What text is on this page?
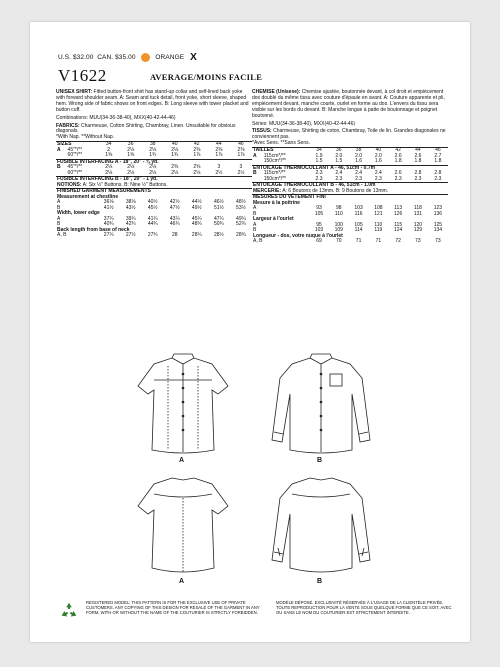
U.S. $32.00 CAN. $35.00	ORANGE X
V1622	AVERAGE/MOINS FACILE

UNISEX SHIRT: Fitted button-front shirt has stand-up collar and self-lined back yoke with forward shoulder seam. A: Seam and tuck detail, front yoke, short sleeve, shaped hem. Wrong side of fabric shows on front edges. B: Long sleeve with tower placket and button cuff.

Combinations: MUU(34-36-38-40), MXX(40-42-44-46)

FABRICS: Charmeuse, Cotton Shirting, Chambray, Linen. Unsuitable for obvious diagonals.

*With Nap. **Without Nap.
SIZES		34	36	38	40	42	44	46
A	45"*/**	2	2⅛	2⅛	2⅛	2⅜	2⅜	2⅜
	60"*/**	1⅝	1⅝	1¾	1¾	1⅞	1⅞	1⅞
FUSIBLE INTERFACING A - 18", 20" - ⅜ yd.								
B	45"*/**	2⅛	2⅛	2⅛	2⅜	2⅝	3	3
	60"*/**	2⅛	2⅛	2⅛	2⅛	2⅛	2½	2½
FUSIBLE INTERFACING B - 18", 20" - 1 yd.								
NOTIONS: A: Six ½" Buttons. B: Nine ½" Buttons.								
FINISHED GARMENT MEASUREMENTS								
Measurement at chestline								
A		36⅛	38⅛	40½	42½	44½	46½	48½
B		41½	43½	45½	47½	49½	51½	53½
Width, lower edge								
A		37¼	39¼	41¼	43¼	45¼	47¼	49¼
B		40¾	42¾	44¾	46¾	48¾	50¾	52¾
Back length from base of neck								
A, B		27¼	27½	27¾	28	28¼	28½	28¾

CHEMISE (Unisexe): Chemise ajustée, boutonnée devant, à col droit et empiècement dos doublé du même tissu avec couture d'épaule en avant. A: Couture apparente et pli, empiècement devant, manche courte, ourlet en forme au dos. L'envers du tissu sera visible sur les bords du devant. B: Manche longue à patte de boutonnage et poignet boutonné.

Séries: MUU(34-36-38-40), MXX(40-42-44-46)

TISSUS: Charmeuse, Shirting de coton, Chambray, Toile de lin. Grandes diagonales ne conviennent pas.

*Avec Sens. **Sans Sens.
TAILLES		34	36	38	40	42	44	46
A	115cm*/**	1.9	2.0	2.0	2.0	2.6	2.6	2.7
	150cm*/**	1.5	1.5	1.6	1.6	1.8	1.8	1.8
ENTOILAGE THERMOCOLLANT A - 46, 51cm - 0.7m								
B	115cm*/**	2.3	2.4	2.4	2.4	2.6	2.8	2.8
	150cm*/**	2.3	2.3	2.3	2.3	2.3	2.3	2.3
ENTOILAGE THERMOCOLLANT B - 46, 51cm - 1.0m								
MERCERIE: A: 6 Boutons de 13mm. B: 9 Boutons de 13mm.								
MESURES DU VÊTEMENT FINI								
Mesure à la poitrine								
A		93	98	103	108	113	118	123
B		105	110	116	121	126	131	136
Largeur à l'ourlet								
A		95	100	105	110	115	120	125
B		103	109	114	119	124	129	134
Longueur - dos, votre nuque à l'ourlet								
A, B		69	70	71	71	72	73	73
A	B
A	B
REGISTERED MODEL: THIS PATTERN IS FOR THE EXCLUSIVE USE OF PRIVATE CUSTOMERS. ANY COPYING OF THIS DESIGN FOR RESALE OF THE GARMENT IN ANY FORM, WITH OR WITHOUT THE NAME OF THE COUTURIER IS STRICTLY FORBIDDEN.
MODÈLE DÉPOSÉ. EXCLUSIVITÉ RÉSERVÉE À L'USAGE DE LA CLIENTÈLE PRIVÉE. TOUTE REPRODUCTION POUR LA VENTE SOUS QUELQUE FORME QUE CE SOIT, AVEC OU SANS LE NOM DU COUTURIER EST STRICTEMENT INTERDITE.
